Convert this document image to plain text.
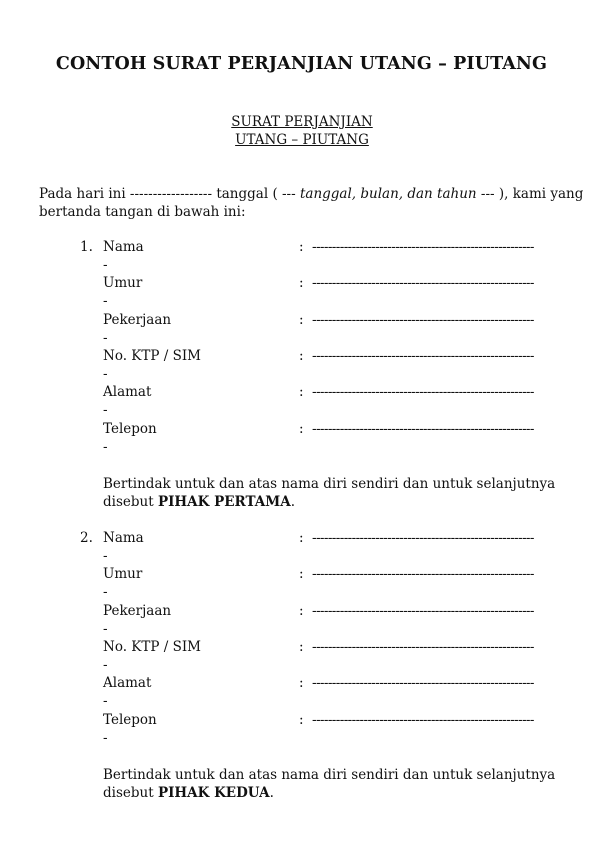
CONTOH SURAT PERJANJIAN UTANG – PIUTANG
SURAT PERJANJIAN
UTANG – PIUTANG
Pada hari ini ------------------ tanggal ( --- tanggal, bulan, dan tahun --- ), kami yang
bertanda tangan di bawah ini:
1. Nama	: --------------------------------------------------------
-
Umur	: --------------------------------------------------------
-
Pekerjaan	: --------------------------------------------------------
-
No. KTP / SIM	: --------------------------------------------------------
-
Alamat	: --------------------------------------------------------
-
Telepon	: --------------------------------------------------------
-
Bertindak untuk dan atas nama diri sendiri dan untuk selanjutnya
disebut PIHAK PERTAMA.
2. Nama	: --------------------------------------------------------
-
Umur	: --------------------------------------------------------
-
Pekerjaan	: --------------------------------------------------------
-
No. KTP / SIM	: --------------------------------------------------------
-
Alamat	: --------------------------------------------------------
-
Telepon	: --------------------------------------------------------
-
Bertindak untuk dan atas nama diri sendiri dan untuk selanjutnya
disebut PIHAK KEDUA.
